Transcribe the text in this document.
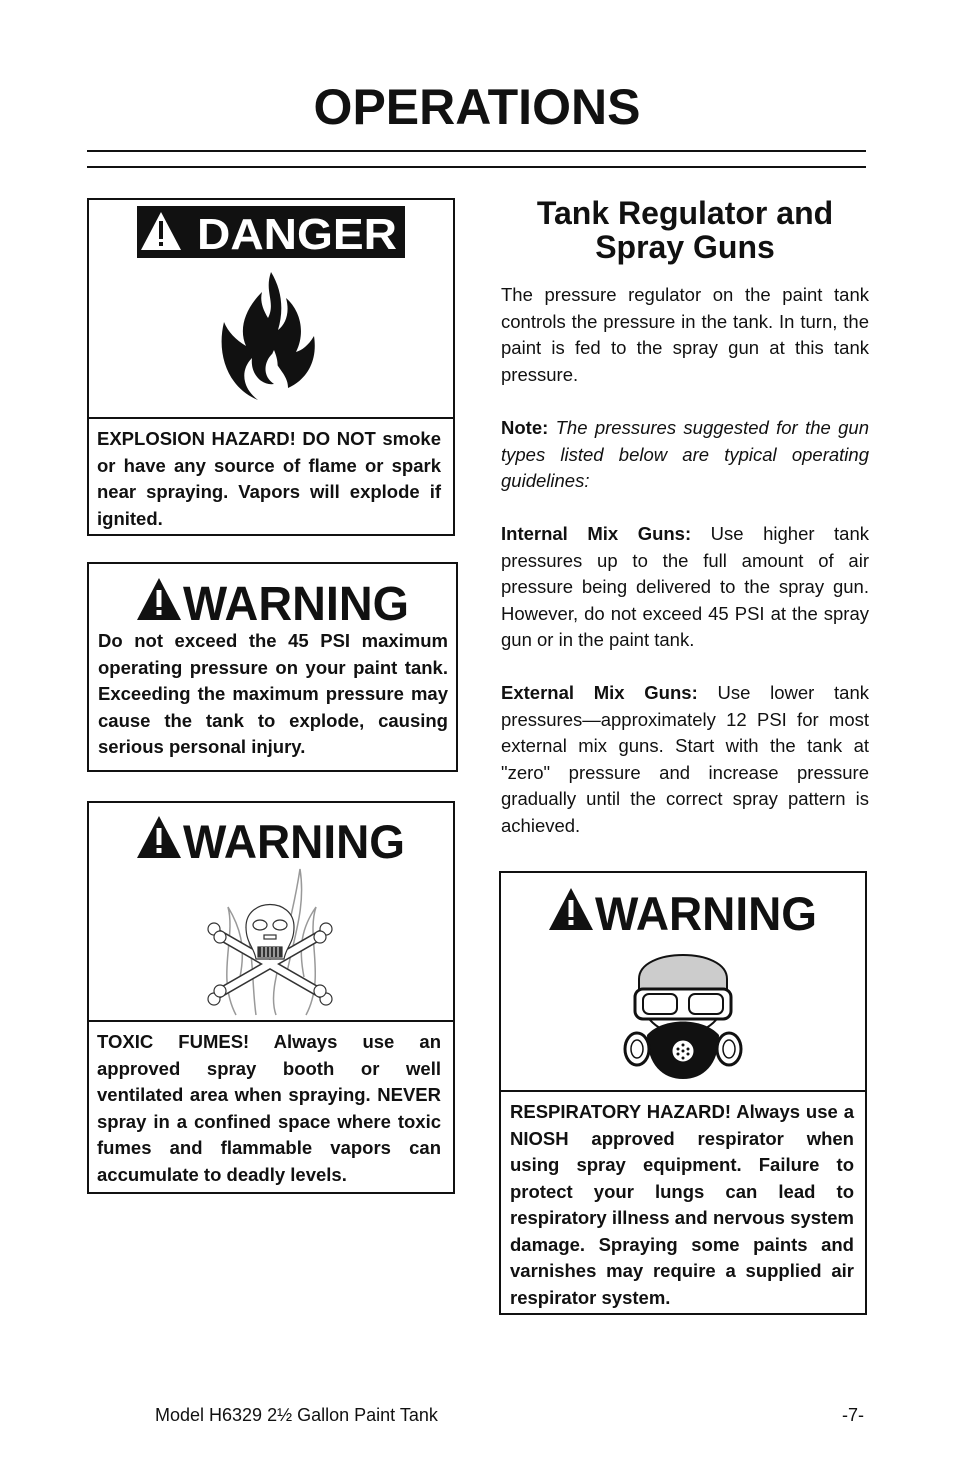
OPERATIONS
DANGER
EXPLOSION HAZARD! DO NOT smoke or have any source of flame or spark near spraying. Vapors will explode if ignited.
WARNING
Do not exceed the 45 PSI maximum operating pressure on your paint tank. Exceeding the maximum pressure may cause the tank to explode, causing serious personal injury.
WARNING
TOXIC FUMES! Always use an approved spray booth or well ventilated area when spraying. NEVER spray in a confined space where toxic fumes and flammable vapors can accumulate to deadly levels.
Tank Regulator and
Spray Guns
The pressure regulator on the paint tank controls the pressure in the tank. In turn, the paint is fed to the spray gun at this tank pressure.
Note: The pressures suggested for the gun types listed below are typical operating guidelines:
Internal Mix Guns: Use higher tank pressures up to the full amount of air pressure being delivered to the spray gun. However, do not exceed 45 PSI at the spray gun or in the paint tank.
External Mix Guns: Use lower tank pressures—approximately 12 PSI for most external mix guns. Start with the tank at "zero" pressure and increase pressure gradually until the correct spray pattern is achieved.
WARNING
RESPIRATORY HAZARD! Always use a NIOSH approved respirator when using spray equipment. Failure to protect your lungs can lead to respiratory illness and nervous system damage. Spraying some paints and varnishes may require a supplied air respirator system.
Model H6329 2½ Gallon Paint Tank	-7-
